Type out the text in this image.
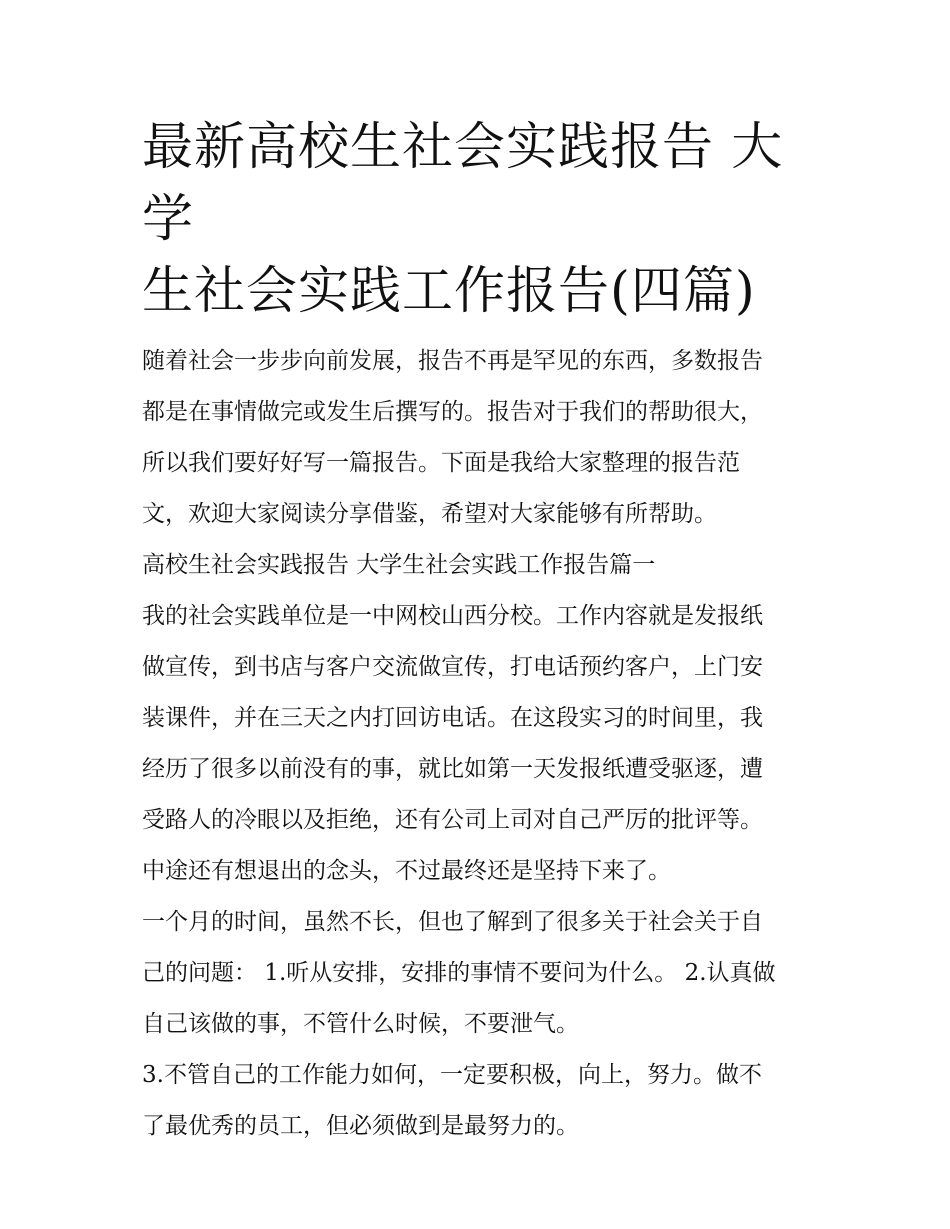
最新高校生社会实践报告 大学
生社会实践工作报告(四篇)

随着社会一步步向前发展，报告不再是罕见的东西，多数报告
都是在事情做完或发生后撰写的。报告对于我们的帮助很大，
所以我们要好好写一篇报告。下面是我给大家整理的报告范
文，欢迎大家阅读分享借鉴，希望对大家能够有所帮助。

高校生社会实践报告 大学生社会实践工作报告篇一

我的社会实践单位是一中网校山西分校。工作内容就是发报纸
做宣传，到书店与客户交流做宣传，打电话预约客户，上门安
装课件，并在三天之内打回访电话。在这段实习的时间里，我
经历了很多以前没有的事，就比如第一天发报纸遭受驱逐，遭
受路人的冷眼以及拒绝，还有公司上司对自己严厉的批评等。
中途还有想退出的念头，不过最终还是坚持下来了。

一个月的时间，虽然不长，但也了解到了很多关于社会关于自
己的问题： 1.听从安排，安排的事情不要问为什么。 2.认真做
自己该做的事，不管什么时候，不要泄气。

3.不管自己的工作能力如何，一定要积极，向上，努力。做不
了最优秀的员工，但必须做到是最努力的。
